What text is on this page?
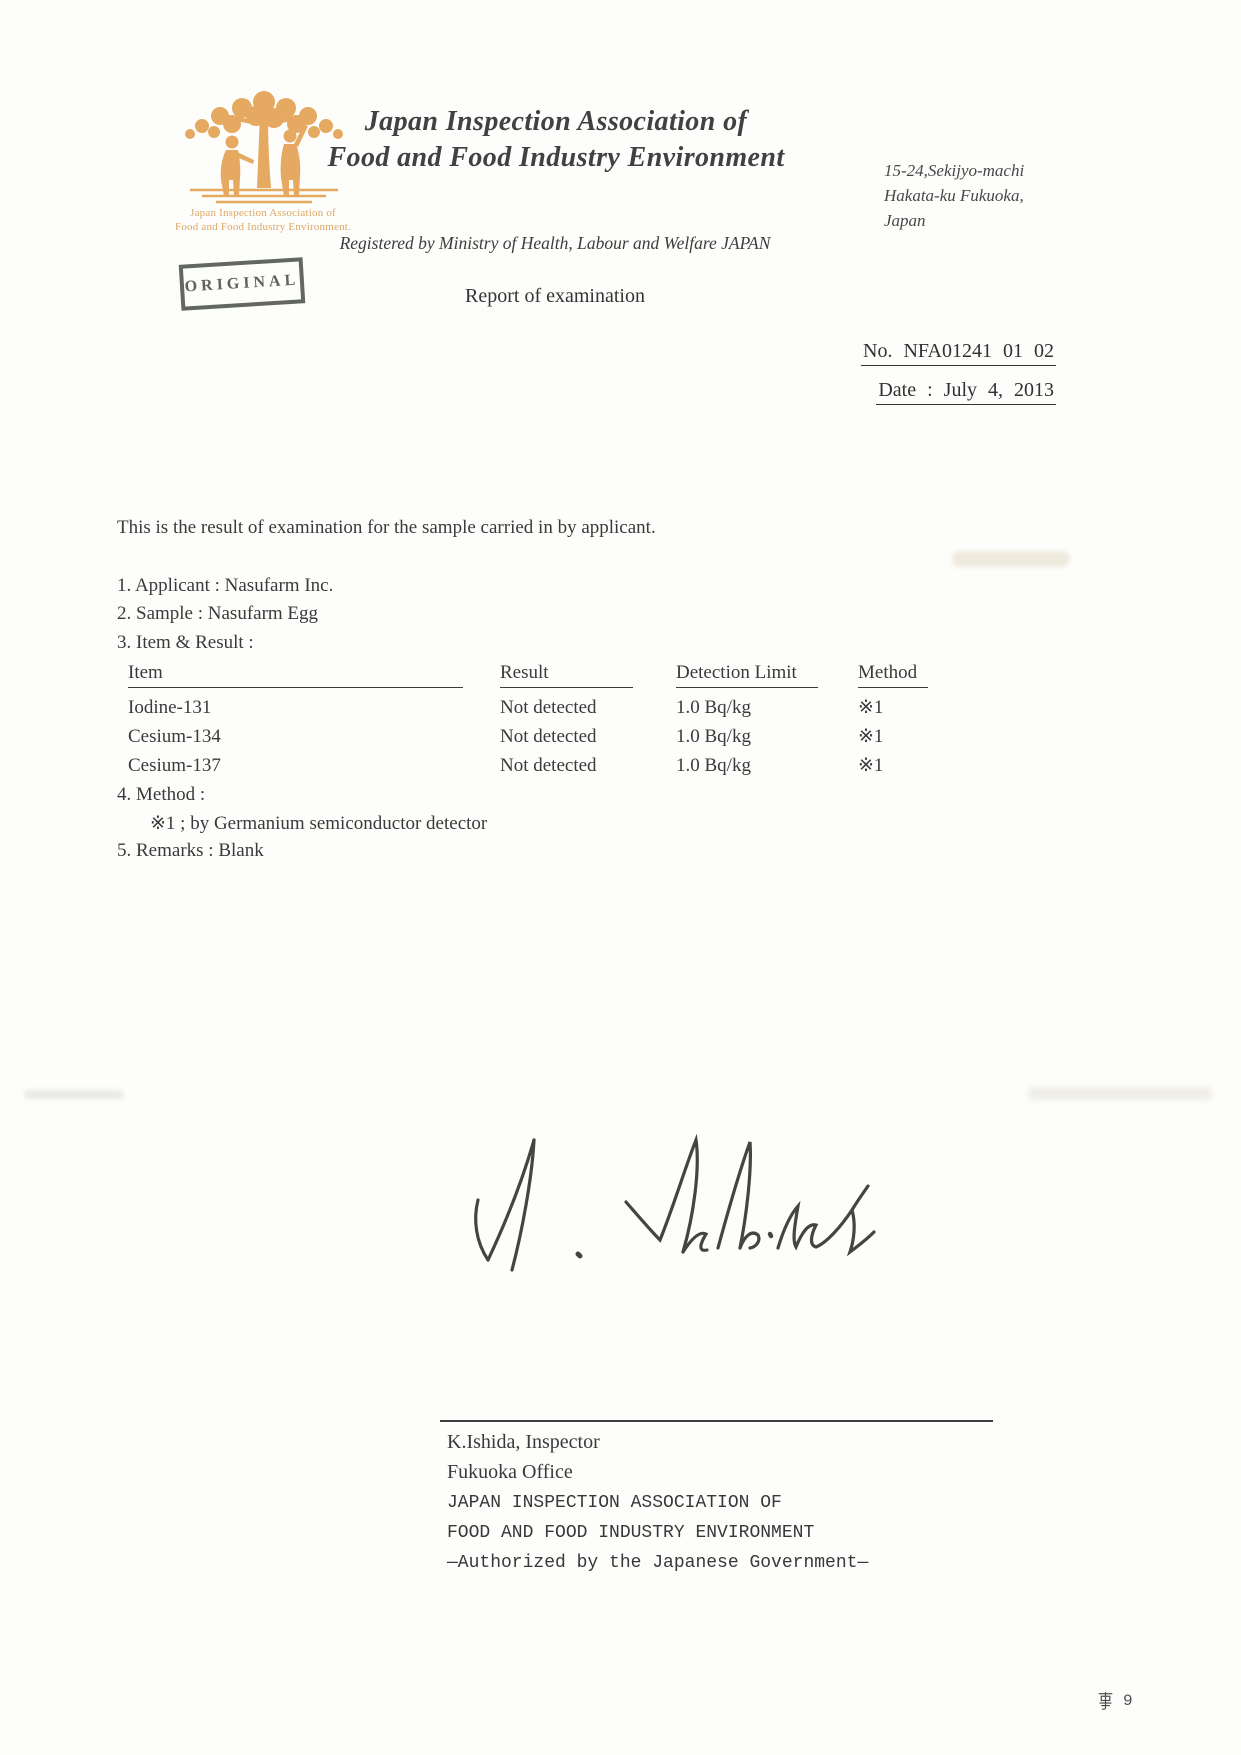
Japan Inspection Association of
Food and Food Industry Environment.
Japan Inspection Association of
Food and Food Industry Environment	15-24,Sekijyo-machi
Hakata-ku Fukuoka,
Japan
Registered by Ministry of Health, Labour and Welfare JAPAN
ORIGINAL
Report of examination
No. NFA01241 01 02
Date : July 4, 2013
This is the result of examination for the sample carried in by applicant.
1. Applicant : Nasufarm Inc.
2. Sample : Nasufarm Egg
3. Item & Result :
Item	Result	Detection Limit	Method
Iodine-131	Not detected	1.0 Bq/kg	※1
Cesium-134	Not detected	1.0 Bq/kg	※1
Cesium-137	Not detected	1.0 Bq/kg	※1
4. Method :
※1 ; by Germanium semiconductor detector
5. Remarks : Blank
K.Ishida, Inspector
Fukuoka Office
JAPAN INSPECTION ASSOCIATION OF
FOOD AND FOOD INDUSTRY ENVIRONMENT
—Authorized by the Japanese Government—
9
